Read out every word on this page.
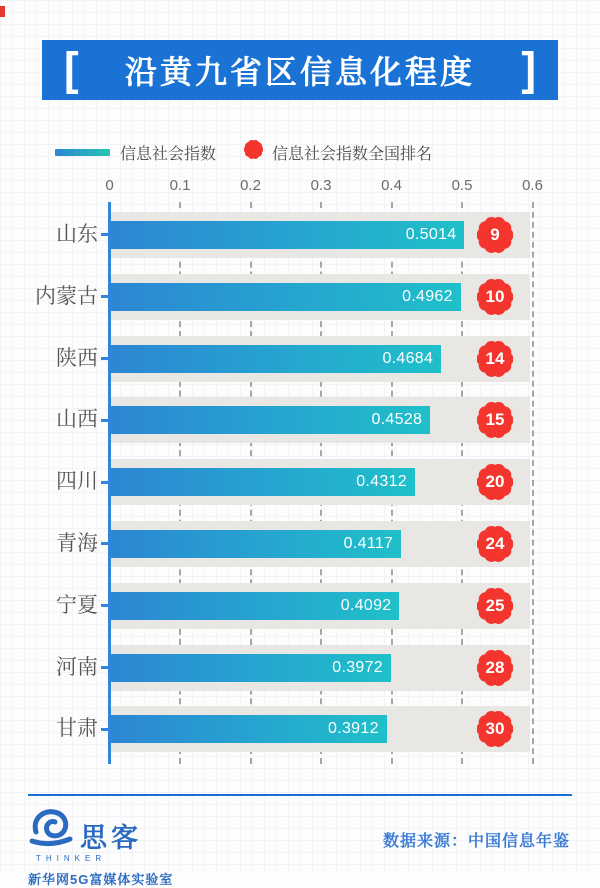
[ 沿黄九省区信息化程度 ]
信息社会指数	信息社会指数全国排名
0	0.1	0.2	0.3	0.4	0.5	0.6
山东	0.5014	9
内蒙古	0.4962	10
陕西	0.4684	14
山西	0.4528	15
四川	0.4312	20
青海	0.4117	24
宁夏	0.4092	25
河南	0.3972	28
甘肃	0.3912	30
思客
THINKER
新华网5G富媒体实验室
数据来源：中国信息年鉴
